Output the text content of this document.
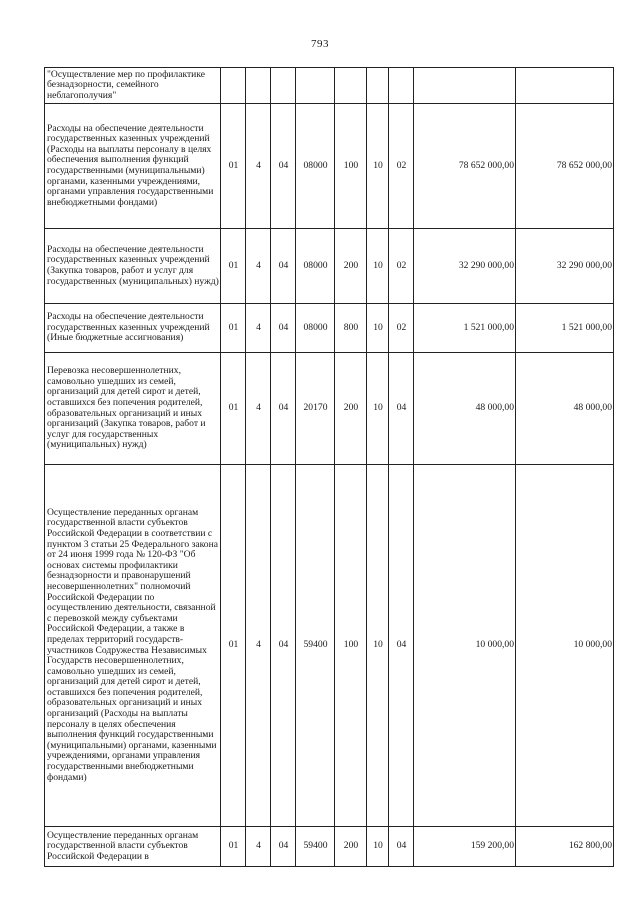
793
"Осуществление мер по профилактике безнадзорности, семейного неблагополучия"									
Расходы на обеспечение деятельности государственных казенных учреждений (Расходы на выплаты персоналу в целях обеспечения выполнения функций государственными (муниципальными) органами, казенными учреждениями, органами управления государственными внебюджетными фондами)	01	4	04	08000	100	10	02	78 652 000,00	78 652 000,00
Расходы на обеспечение деятельности государственных казенных учреждений (Закупка товаров, работ и услуг для государственных (муниципальных) нужд)	01	4	04	08000	200	10	02	32 290 000,00	32 290 000,00
Расходы на обеспечение деятельности государственных казенных учреждений (Иные бюджетные ассигнования)	01	4	04	08000	800	10	02	1 521 000,00	1 521 000,00
Перевозка несовершеннолетних, самовольно ушедших из семей, организаций для детей сирот и детей, оставшихся без попечения родителей, образовательных организаций и иных организаций (Закупка товаров, работ и услуг для государственных (муниципальных) нужд)	01	4	04	20170	200	10	04	48 000,00	48 000,00
Осуществление переданных органам государственной власти субъектов Российской Федерации в соответствии с пунктом 3 статьи 25 Федерального закона от 24 июня 1999 года № 120-ФЗ "Об основах системы профилактики безнадзорности и правонарушений несовершеннолетних" полномочий Российской Федерации по осуществлению деятельности, связанной с перевозкой между субъектами Российской Федерации, а также в пределах территорий государств-участников Содружества Независимых Государств несовершеннолетних, самовольно ушедших из семей, организаций для детей сирот и детей, оставшихся без попечения родителей, образовательных организаций и иных организаций (Расходы на выплаты персоналу в целях обеспечения выполнения функций государственными (муниципальными) органами, казенными учреждениями, органами управления государственными внебюджетными фондами)	01	4	04	59400	100	10	04	10 000,00	10 000,00
Осуществление переданных органам государственной власти субъектов Российской Федерации в	01	4	04	59400	200	10	04	159 200,00	162 800,00
